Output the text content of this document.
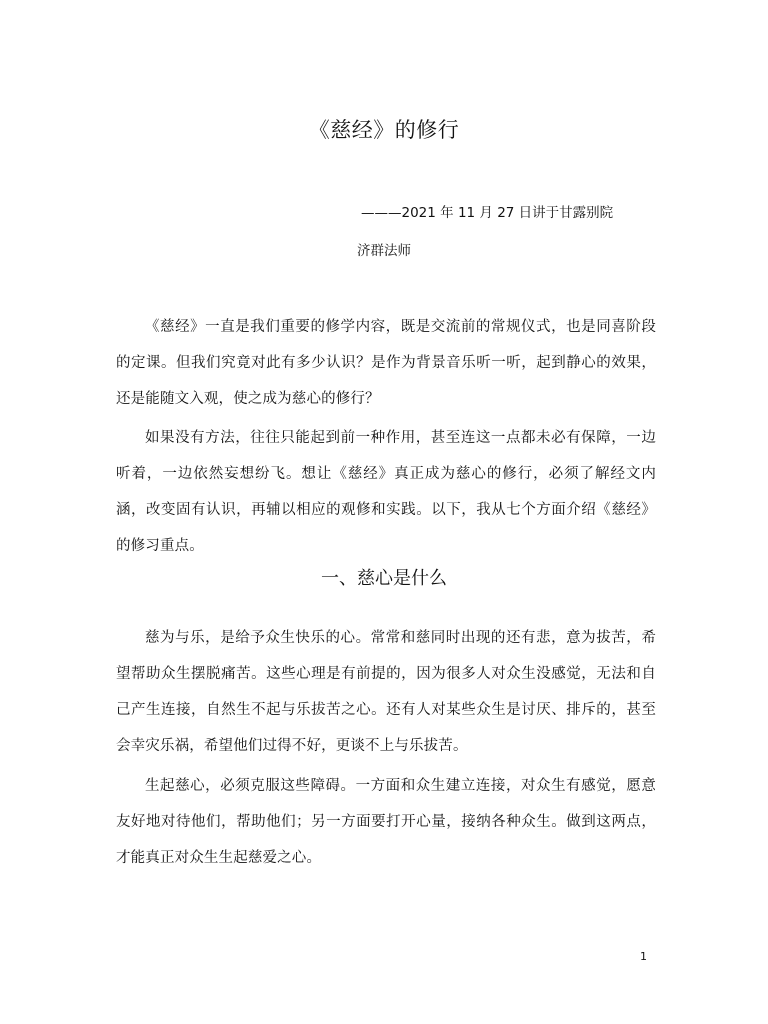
《慈经》的修行
———2021 年 11 月 27 日讲于甘露别院
济群法师

《慈经》一直是我们重要的修学内容，既是交流前的常规仪式，也是同喜阶段的定课。但我们究竟对此有多少认识？是作为背景音乐听一听，起到静心的效果，还是能随文入观，使之成为慈心的修行？

如果没有方法，往往只能起到前一种作用，甚至连这一点都未必有保障，一边听着，一边依然妄想纷飞。想让《慈经》真正成为慈心的修行，必须了解经文内涵，改变固有认识，再辅以相应的观修和实践。以下，我从七个方面介绍《慈经》的修习重点。

一、慈心是什么

慈为与乐，是给予众生快乐的心。常常和慈同时出现的还有悲，意为拔苦，希望帮助众生摆脱痛苦。这些心理是有前提的，因为很多人对众生没感觉，无法和自己产生连接，自然生不起与乐拔苦之心。还有人对某些众生是讨厌、排斥的，甚至会幸灾乐祸，希望他们过得不好，更谈不上与乐拔苦。

生起慈心，必须克服这些障碍。一方面和众生建立连接，对众生有感觉，愿意友好地对待他们，帮助他们；另一方面要打开心量，接纳各种众生。做到这两点，才能真正对众生生起慈爱之心。

1
